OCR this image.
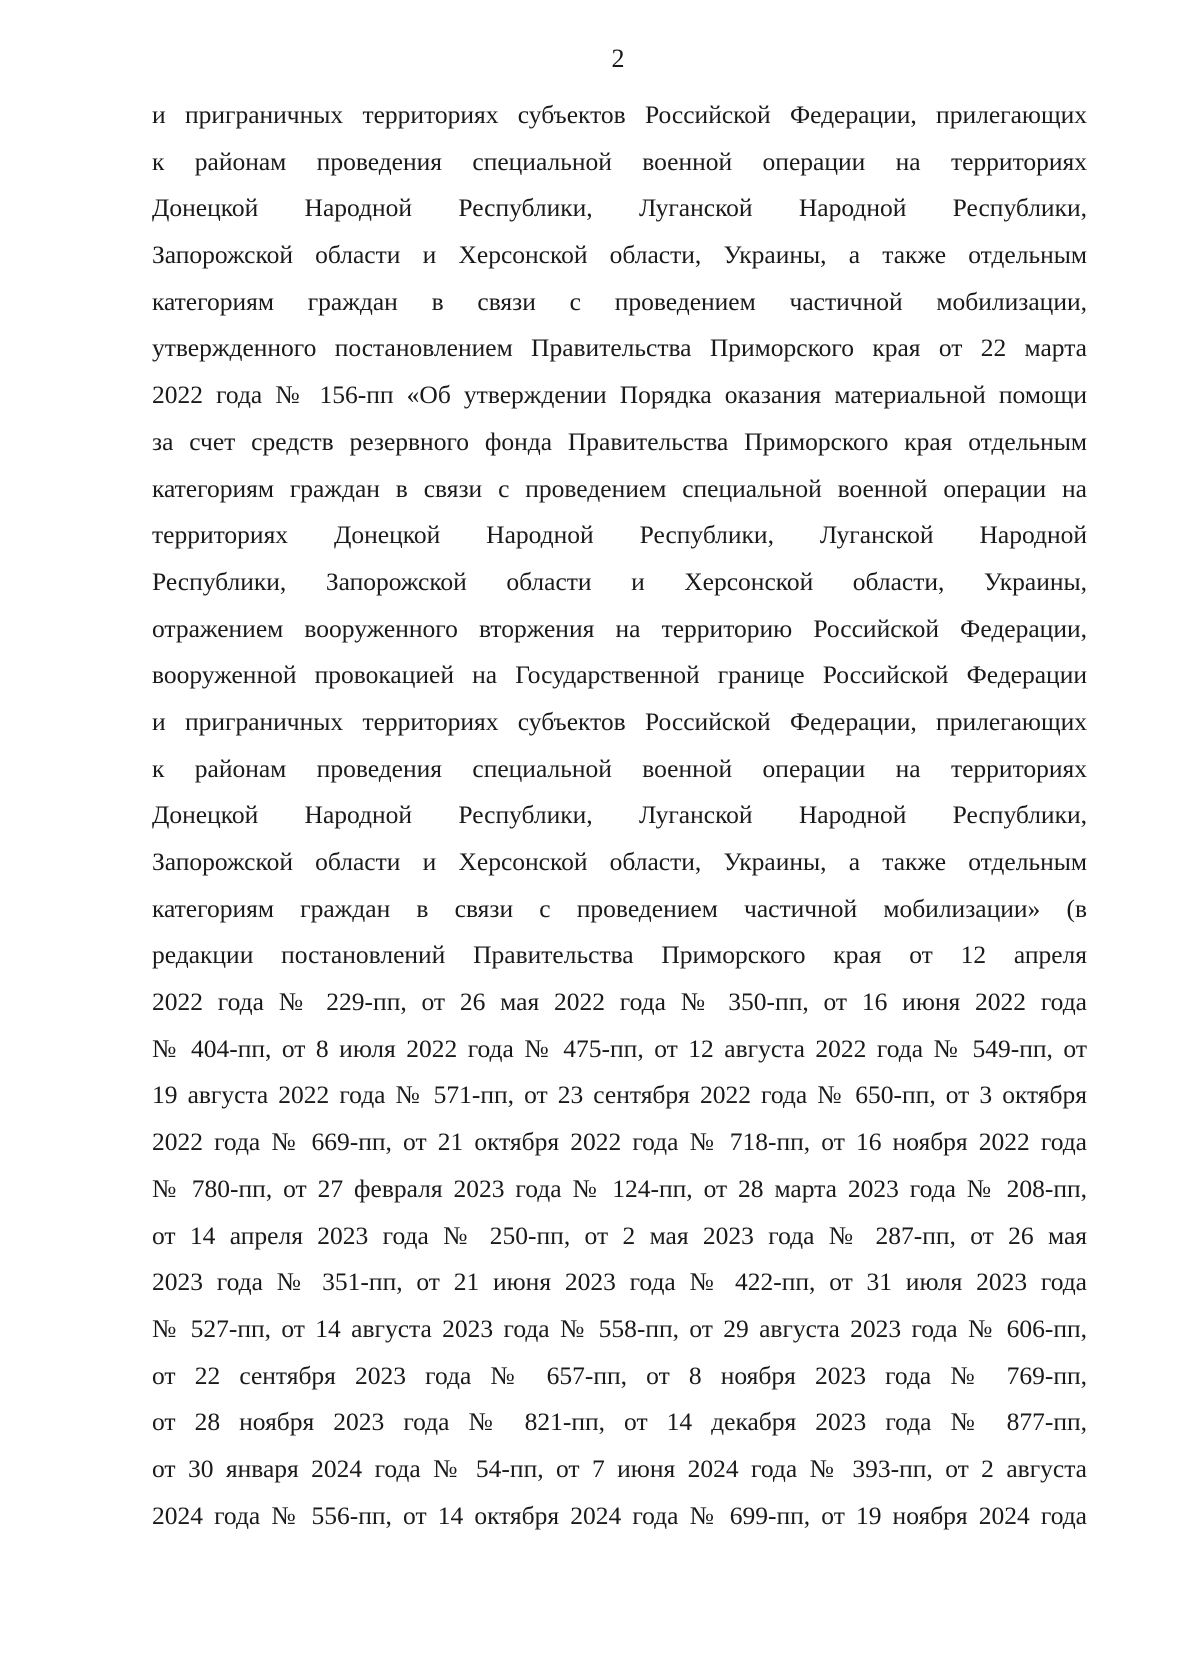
2
и приграничных территориях субъектов Российской Федерации, прилегающих
к районам проведения специальной военной операции на территориях
Донецкой Народной Республики, Луганской Народной Республики,
Запорожской области и Херсонской области, Украины, а также отдельным
категориям граждан в связи с проведением частичной мобилизации,
утвержденного постановлением Правительства Приморского края от 22 марта
2022 года № 156-пп «Об утверждении Порядка оказания материальной помощи
за счет средств резервного фонда Правительства Приморского края отдельным
категориям граждан в связи с проведением специальной военной операции на
территориях Донецкой Народной Республики, Луганской Народной
Республики, Запорожской области и Херсонской области, Украины,
отражением вооруженного вторжения на территорию Российской Федерации,
вооруженной провокацией на Государственной границе Российской Федерации
и приграничных территориях субъектов Российской Федерации, прилегающих
к районам проведения специальной военной операции на территориях
Донецкой Народной Республики, Луганской Народной Республики,
Запорожской области и Херсонской области, Украины, а также отдельным
категориям граждан в связи с проведением частичной мобилизации» (в
редакции постановлений Правительства Приморского края от 12 апреля
2022 года № 229-пп, от 26 мая 2022 года № 350-пп, от 16 июня 2022 года
№ 404-пп, от 8 июля 2022 года № 475-пп, от 12 августа 2022 года № 549-пп, от
19 августа 2022 года № 571-пп, от 23 сентября 2022 года № 650-пп, от 3 октября
2022 года № 669-пп, от 21 октября 2022 года № 718-пп, от 16 ноября 2022 года
№ 780-пп, от 27 февраля 2023 года № 124-пп, от 28 марта 2023 года № 208-пп,
от 14 апреля 2023 года № 250-пп, от 2 мая 2023 года № 287-пп, от 26 мая
2023 года № 351-пп, от 21 июня 2023 года № 422-пп, от 31 июля 2023 года
№ 527-пп, от 14 августа 2023 года № 558-пп, от 29 августа 2023 года № 606-пп,
от 22 сентября 2023 года № 657-пп, от 8 ноября 2023 года № 769-пп,
от 28 ноября 2023 года № 821-пп, от 14 декабря 2023 года № 877-пп,
от 30 января 2024 года № 54-пп, от 7 июня 2024 года № 393-пп, от 2 августа
2024 года № 556-пп, от 14 октября 2024 года № 699-пп, от 19 ноября 2024 года
